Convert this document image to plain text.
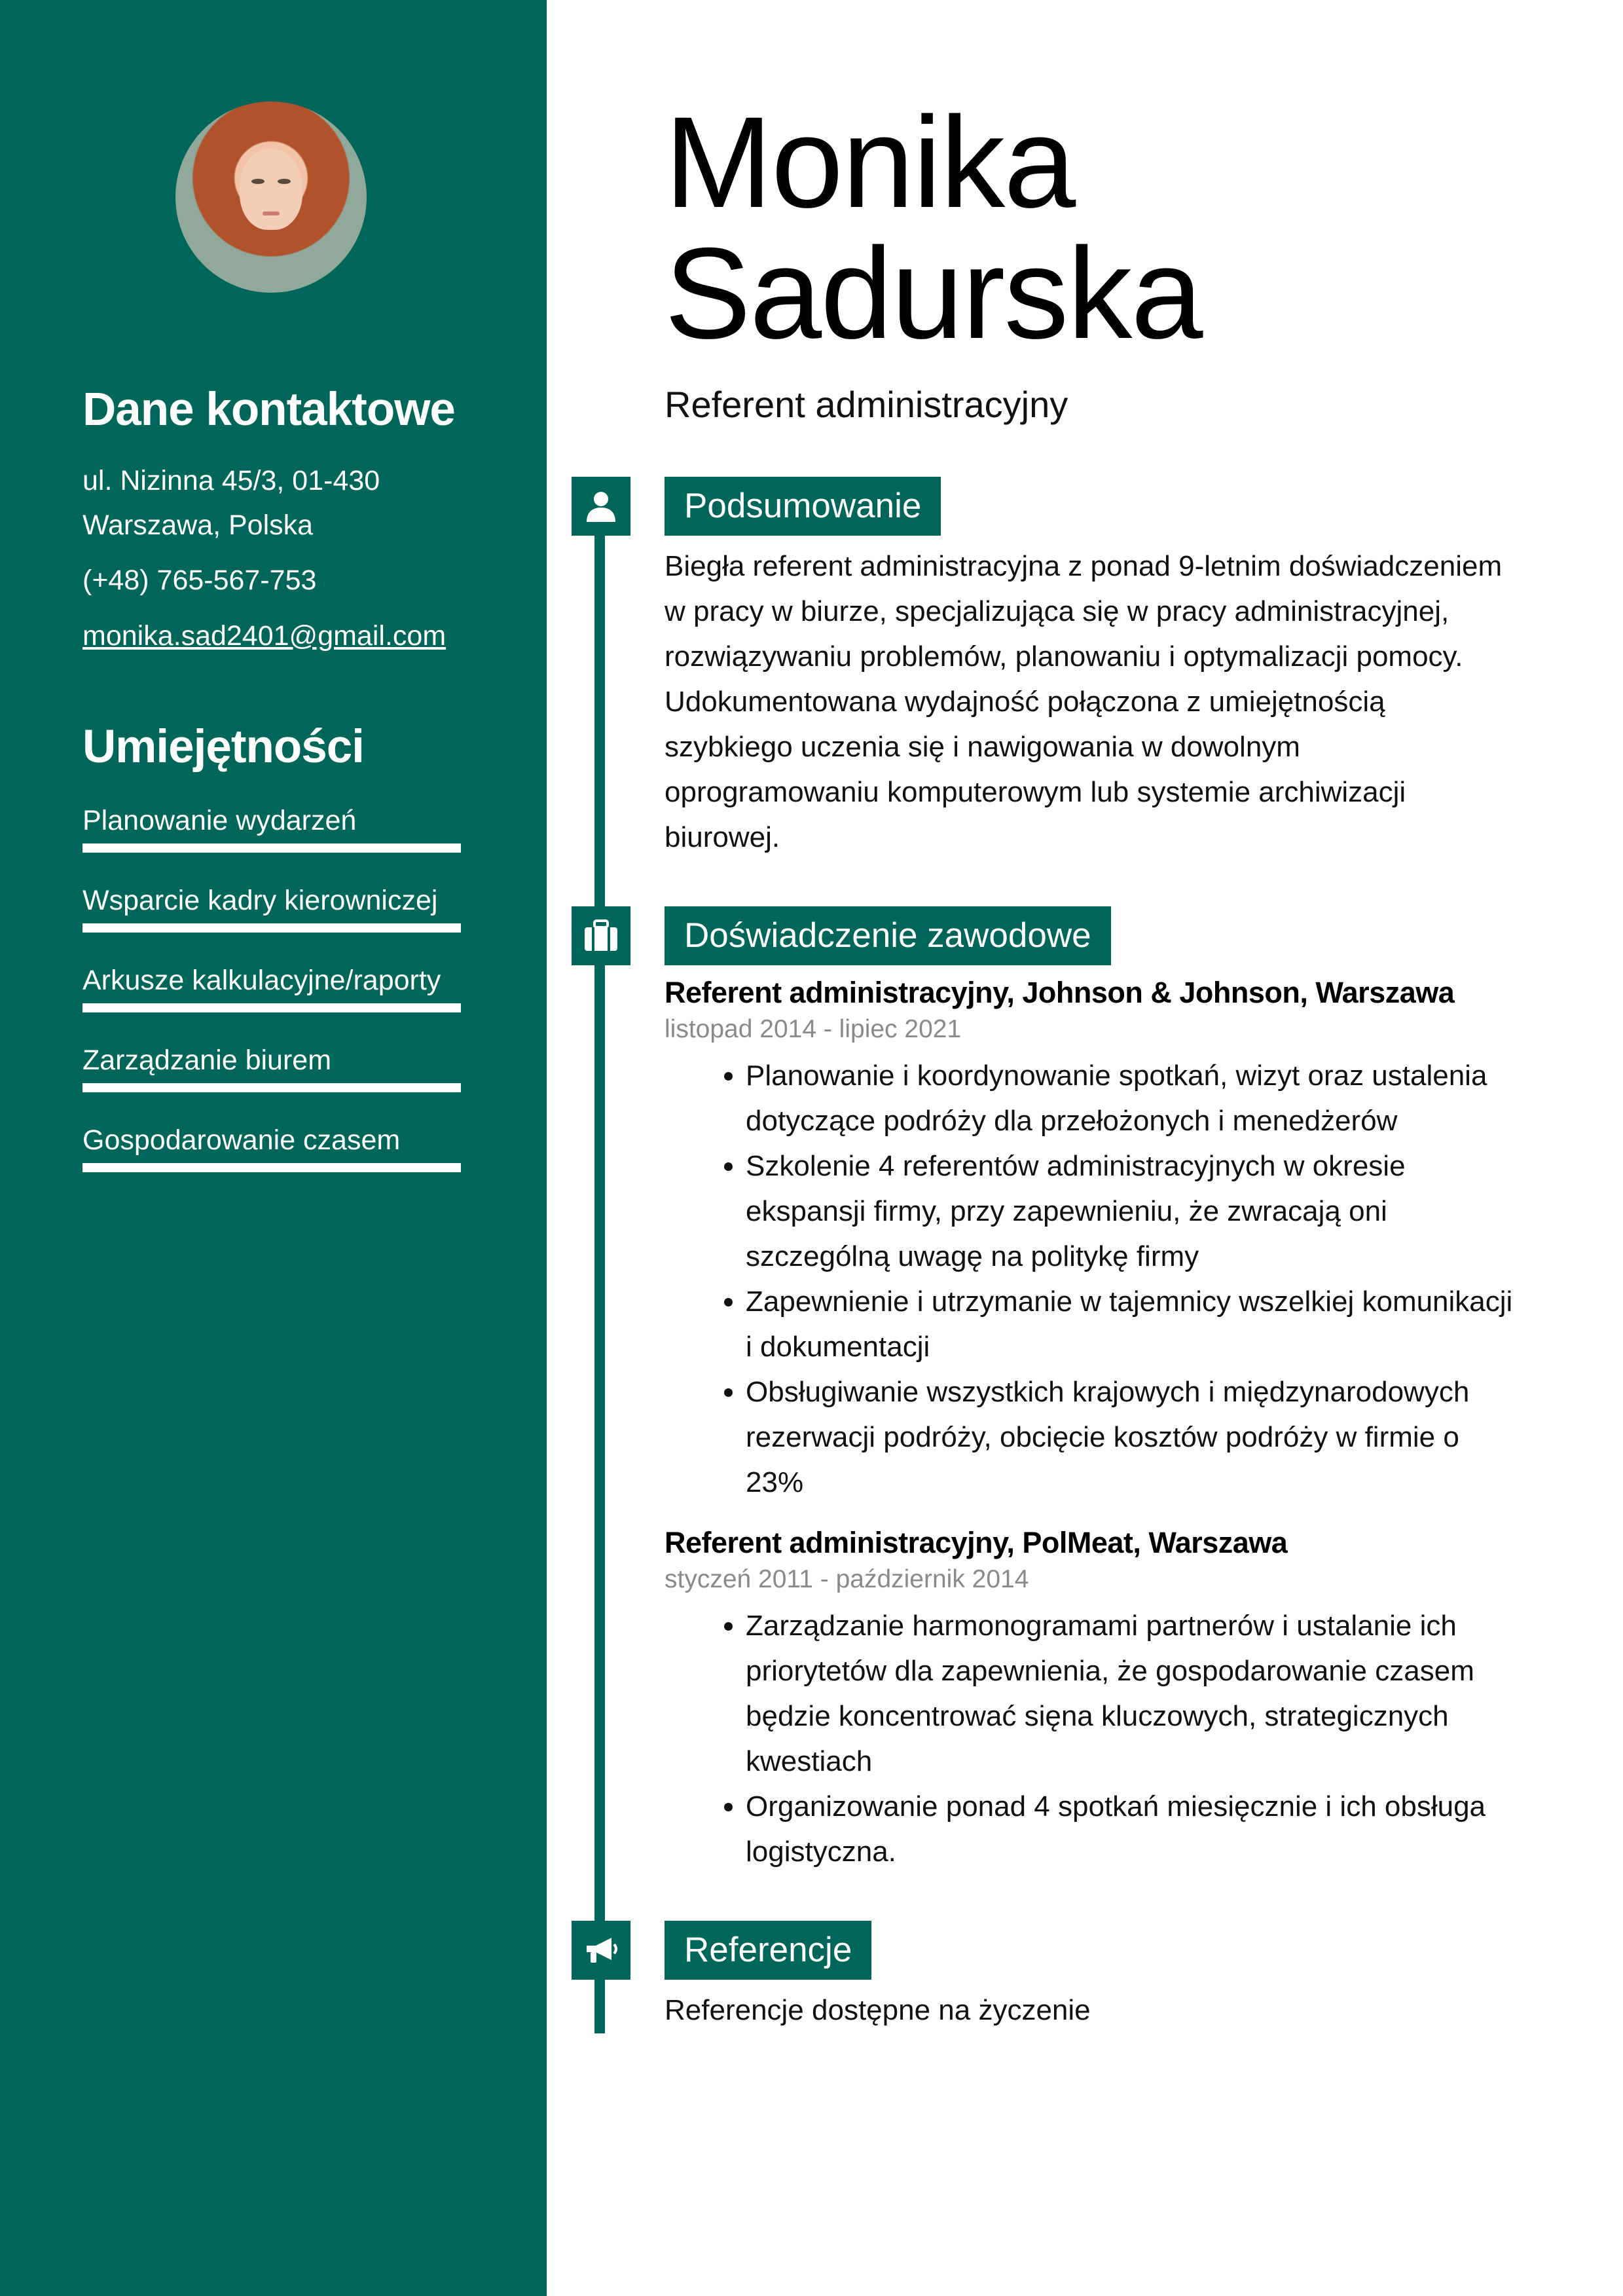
Dane kontaktowe

ul. Nizinna 45/3, 01-430

Warszawa, Polska

(+48) 765-567-753

monika.sad2401@gmail.com

Umiejętności
Planowanie wydarzeń
Wsparcie kadry kierowniczej
Arkusze kalkulacyjne/raporty
Zarządzanie biurem
Gospodarowanie czasem
Monika
Sadurska

Referent administracyjny

Podsumowanie

Biegła referent administracyjna z ponad 9-letnim doświadczeniem
w pracy w biurze, specjalizująca się w pracy administracyjnej,
rozwiązywaniu problemów, planowaniu i optymalizacji pomocy.
Udokumentowana wydajność połączona z umiejętnością
szybkiego uczenia się i nawigowania w dowolnym
oprogramowaniu komputerowym lub systemie archiwizacji
biurowej.

Doświadczenie zawodowe

Referent administracyjny, Johnson & Johnson, Warszawa

listopad 2014 - lipiec 2021

• Planowanie i koordynowanie spotkań, wizyt oraz ustalenia
dotyczące podróży dla przełożonych i menedżerów
• Szkolenie 4 referentów administracyjnych w okresie
ekspansji firmy, przy zapewnieniu, że zwracają oni
szczególną uwagę na politykę firmy
• Zapewnienie i utrzymanie w tajemnicy wszelkiej komunikacji
i dokumentacji
• Obsługiwanie wszystkich krajowych i międzynarodowych
rezerwacji podróży, obcięcie kosztów podróży w firmie o
23%

Referent administracyjny, PolMeat, Warszawa

styczeń 2011 - październik 2014

• Zarządzanie harmonogramami partnerów i ustalanie ich
priorytetów dla zapewnienia, że gospodarowanie czasem
będzie koncentrować sięna kluczowych, strategicznych
kwestiach
• Organizowanie ponad 4 spotkań miesięcznie i ich obsługa
logistyczna.
Referencje

Referencje dostępne na życzenie
